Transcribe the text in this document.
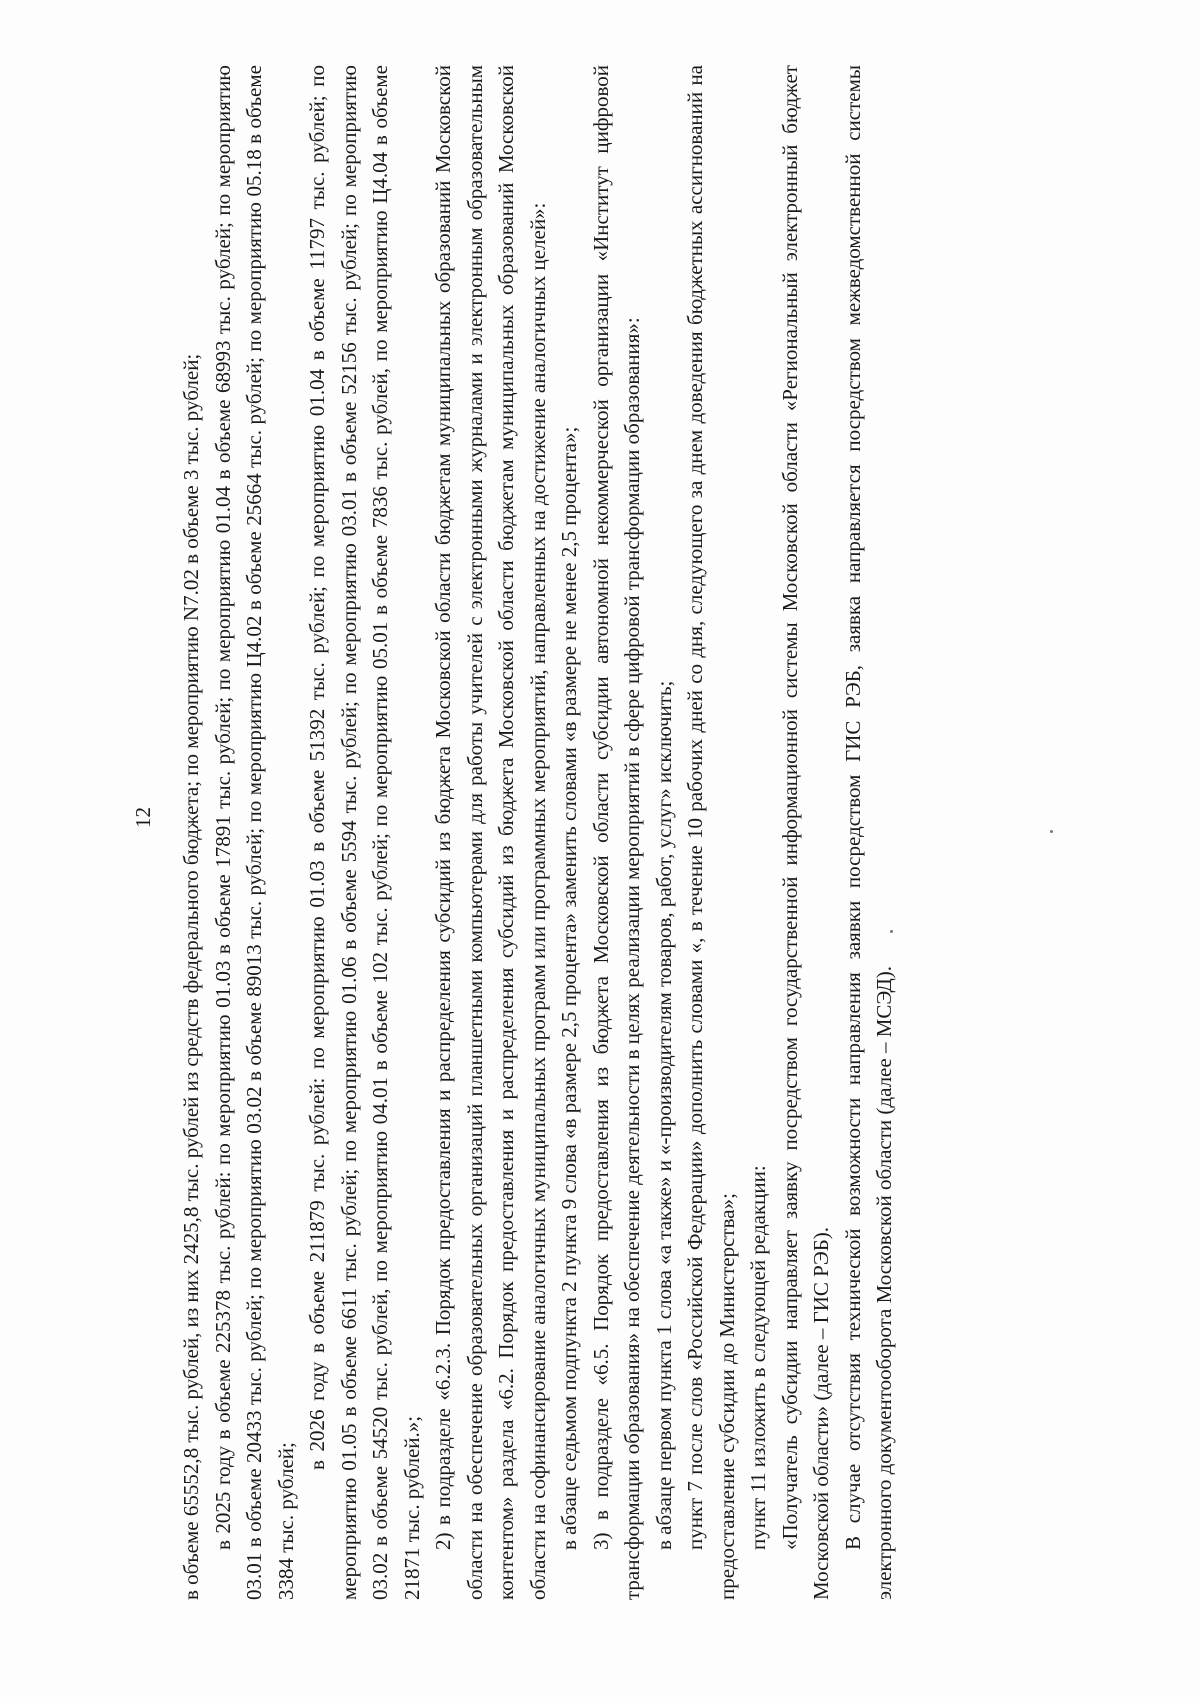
12	в объеме 65552,8 тыс. рублей, из них 2425,8 тыс. рублей из средств федерального бюджета; по мероприятию N7.02 в объеме 3 тыс. рублей; в 2025 году в объеме 225378 тыс. рублей: по мероприятию 01.03 в объеме 17891 тыс. рублей; по мероприятию 01.04 в объеме 68993 тыс. рублей; по мероприятию 03.01 в объеме 20433 тыс. рублей; по мероприятию 03.02 в объеме 89013 тыс. рублей; по мероприятию Ц4.02 в объеме 25664 тыс. рублей; по мероприятию 05.18 в объеме 3384 тыс. рублей;

в 2026 году в объеме 211879 тыс. рублей: по мероприятию 01.03 в объеме 51392 тыс. рублей; по мероприятию 01.04 в объеме 11797 тыс. рублей; по мероприятию 01.05 в объеме 6611 тыс. рублей; по мероприятию 01.06 в объеме 5594 тыс. рублей; по мероприятию 03.01 в объеме 52156 тыс. рублей; по мероприятию 03.02 в объеме 54520 тыс. рублей, по мероприятию 04.01 в объеме 102 тыс. рублей; по мероприятию 05.01 в объеме 7836 тыс. рублей, по мероприятию Ц4.04 в объеме 21871 тыс. рублей.»; 2) в подразделе «6.2.3. Порядок предоставления и распределения субсидий из бюджета Московской области бюджетам муниципальных образований Московской области на обеспечение образовательных организаций планшетными компьютерами для работы учителей с электронными журналами и электронным образовательным контентом» раздела «6.2. Порядок предоставления и распределения субсидий из бюджета Московской области бюджетам муниципальных образований Московской области на софинансирование аналогичных муниципальных программ или программных мероприятий, направленных на достижение аналогичных целей»: в абзаце седьмом подпункта 2 пункта 9 слова «в размере 2,5 процента» заменить словами «в размере не менее 2,5 процента»; 3) в подразделе «6.5. Порядок предоставления из бюджета Московской области субсидии автономной некоммерческой организации «Институт цифровой трансформации образования» на обеспечение деятельности в целях реализации мероприятий в сфере цифровой трансформации образования»: в абзаце первом пункта 1 слова «а также» и «-производителям товаров, работ, услуг» исключить; пункт 7 после слов «Российской Федерации» дополнить словами «, в течение 10 рабочих дней со дня, следующего за днем доведения бюджетных ассигнований на предоставление субсидии до Министерства»; пункт 11 изложить в следующей редакции: «Получатель субсидии направляет заявку посредством государственной информационной системы Московской области «Региональный электронный бюджет Московской области» (далее – ГИС РЭБ). В случае отсутствия технической возможности направления заявки посредством ГИС РЭБ, заявка направляется посредством межведомственной системы электронного документооборота Московской области (далее – МСЭД).
